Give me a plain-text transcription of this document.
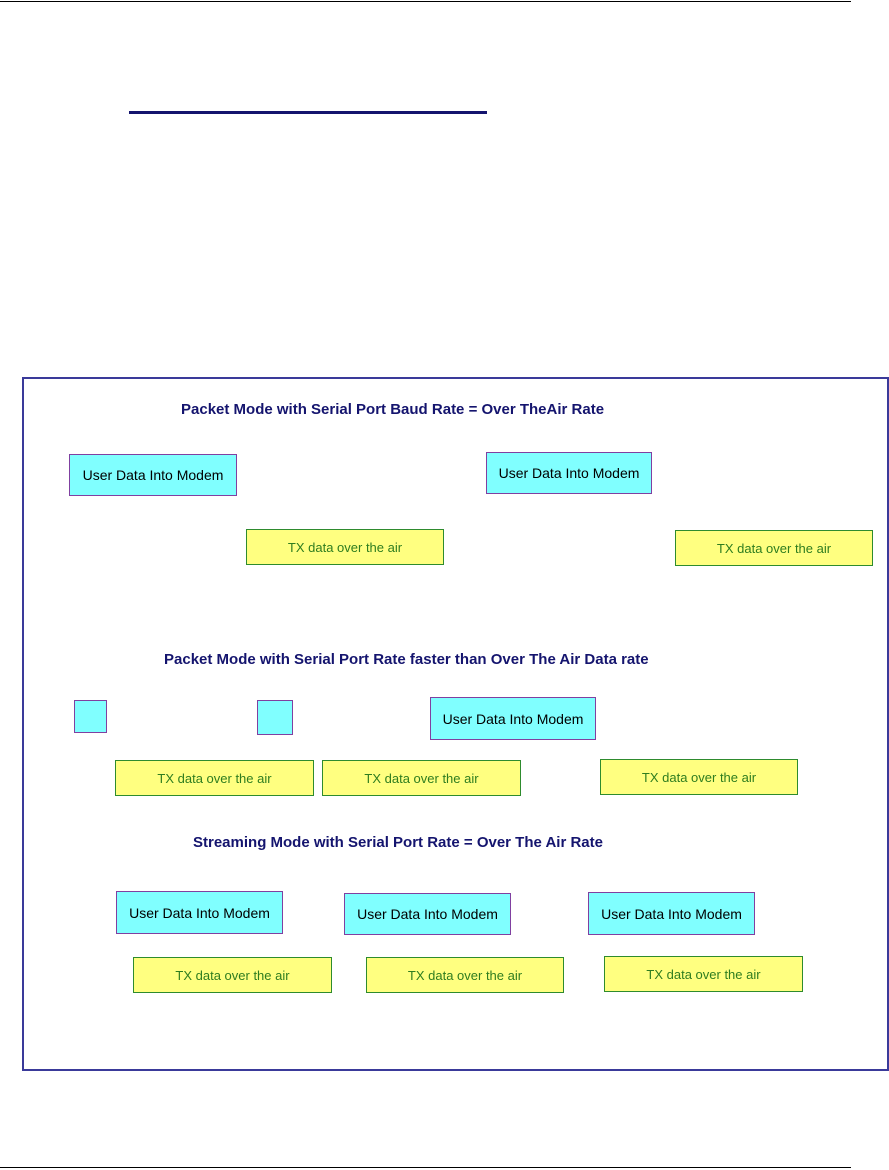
Packet Mode with Serial Port Baud Rate = Over TheAir Rate
User Data Into Modem	User Data Into Modem
TX data over the air	TX data over the air
Packet Mode with Serial Port Rate faster than Over The Air Data rate
User Data Into Modem
TX data over the air	TX data over the air	TX data over the air
Streaming Mode with Serial Port Rate = Over The Air Rate
User Data Into Modem	User Data Into Modem	User Data Into Modem
TX data over the air	TX data over the air	TX data over the air
